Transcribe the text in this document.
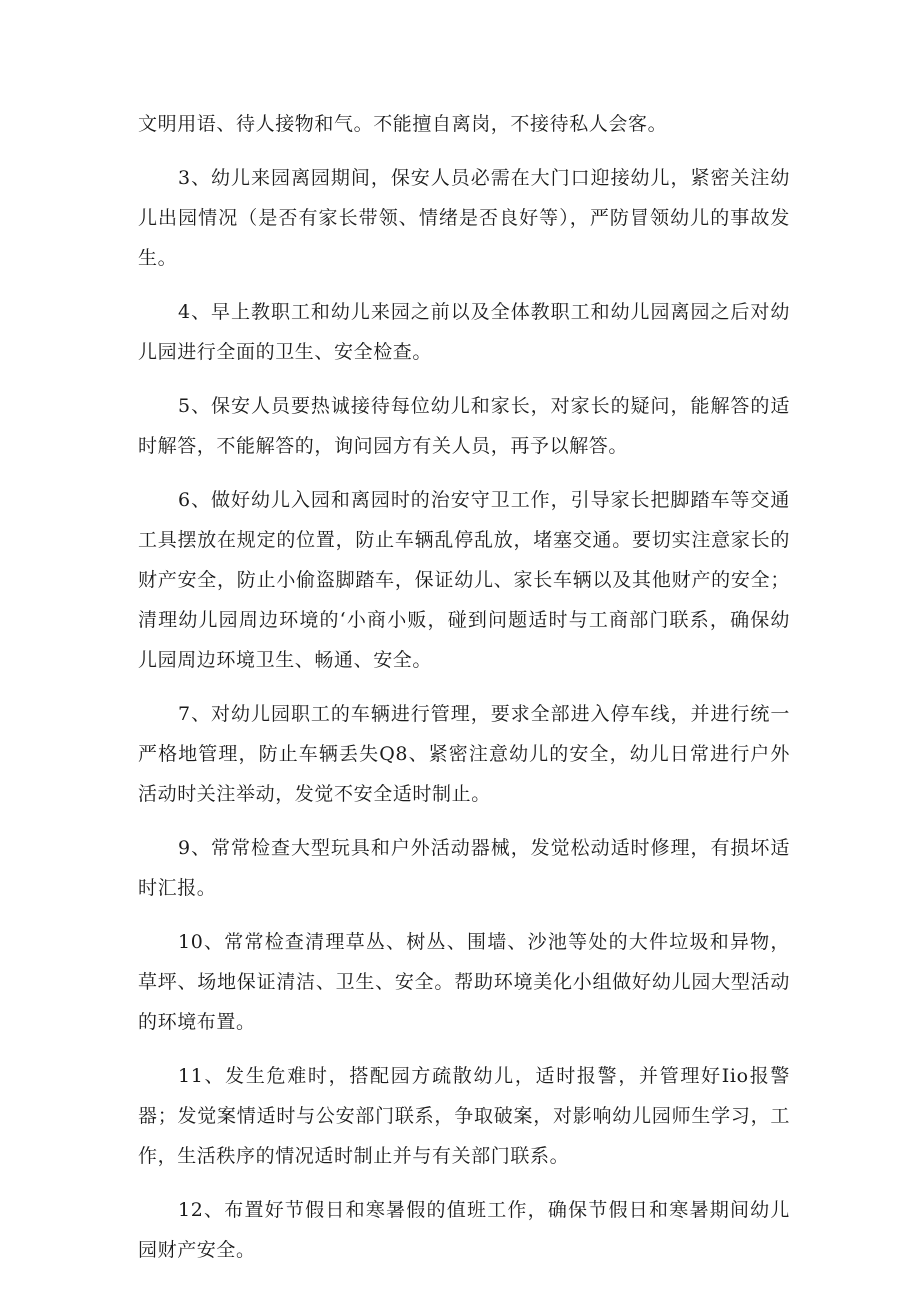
文明用语、待人接物和气。不能擅自离岗，不接待私人会客。

3、幼儿来园离园期间，保安人员必需在大门口迎接幼儿，紧密关注幼儿出园情况（是否有家长带领、情绪是否良好等），严防冒领幼儿的事故发生。

4、早上教职工和幼儿来园之前以及全体教职工和幼儿园离园之后对幼儿园进行全面的卫生、安全检查。

5、保安人员要热诚接待每位幼儿和家长，对家长的疑问，能解答的适时解答，不能解答的，询问园方有关人员，再予以解答。

6、做好幼儿入园和离园时的治安守卫工作，引导家长把脚踏车等交通工具摆放在规定的位置，防止车辆乱停乱放，堵塞交通。要切实注意家长的财产安全，防止小偷盗脚踏车，保证幼儿、家长车辆以及其他财产的安全；清理幼儿园周边环境的‘小商小贩，碰到问题适时与工商部门联系，确保幼儿园周边环境卫生、畅通、安全。

7、对幼儿园职工的车辆进行管理，要求全部进入停车线，并进行统一严格地管理，防止车辆丢失Q8、紧密注意幼儿的安全，幼儿日常进行户外活动时关注举动，发觉不安全适时制止。

9、常常检查大型玩具和户外活动器械，发觉松动适时修理，有损坏适时汇报。

10、常常检查清理草丛、树丛、围墙、沙池等处的大件垃圾和异物，草坪、场地保证清洁、卫生、安全。帮助环境美化小组做好幼儿园大型活动的环境布置。

11、发生危难时，搭配园方疏散幼儿，适时报警，并管理好Iio报警器；发觉案情适时与公安部门联系，争取破案，对影响幼儿园师生学习，工作，生活秩序的情况适时制止并与有关部门联系。

12、布置好节假日和寒暑假的值班工作，确保节假日和寒暑期间幼儿园财产安全。
